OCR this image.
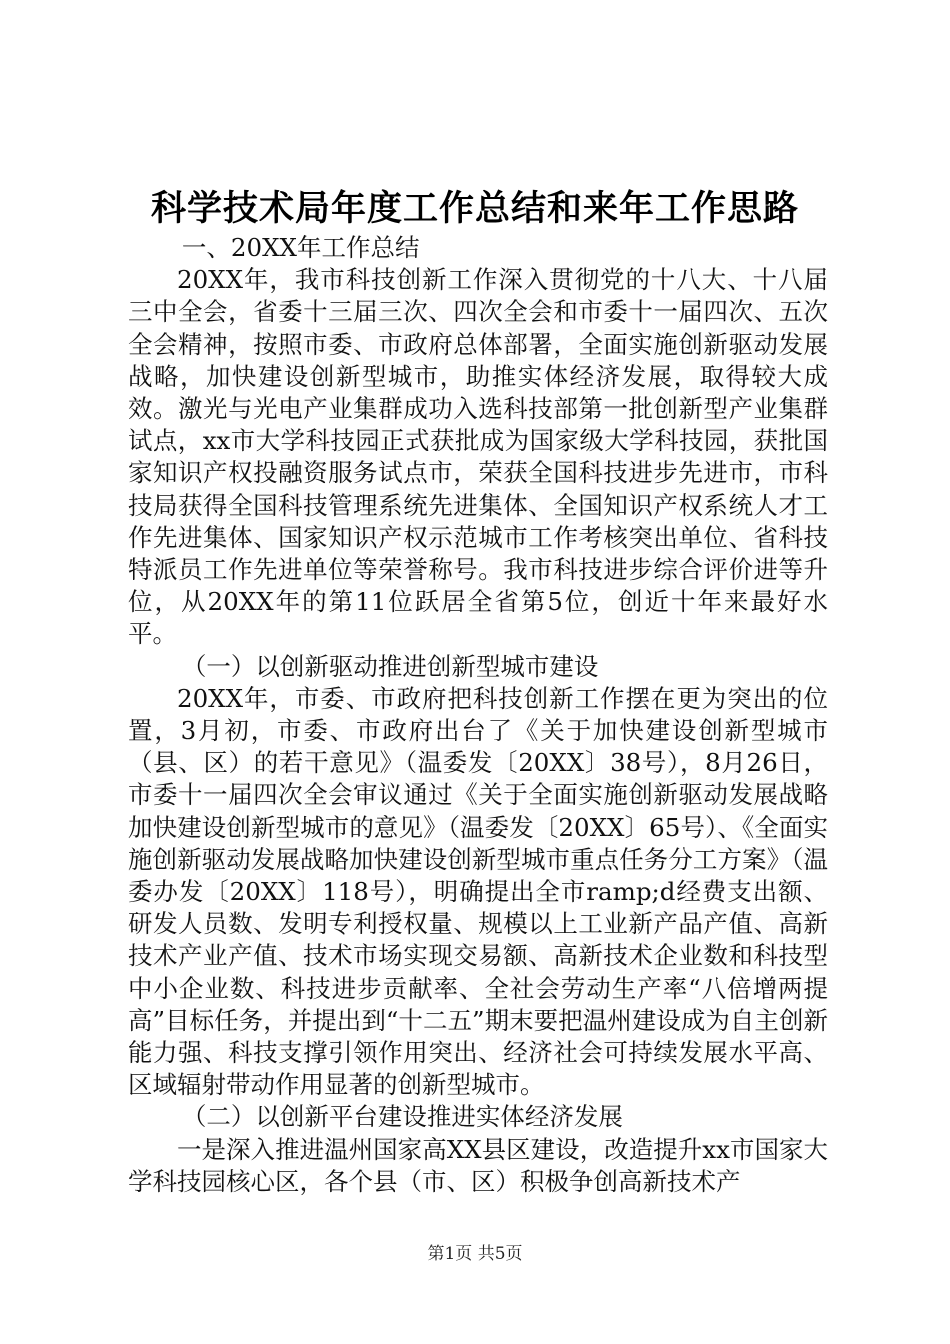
科学技术局年度工作总结和来年工作思路

一、20XX年工作总结

20XX年，我市科技创新工作深入贯彻党的十八大、十八届三中全会，省委十三届三次、四次全会和市委十一届四次、五次全会精神，按照市委、市政府总体部署，全面实施创新驱动发展战略，加快建设创新型城市，助推实体经济发展，取得较大成效。激光与光电产业集群成功入选科技部第一批创新型产业集群试点，xx市大学科技园正式获批成为国家级大学科技园，获批国家知识产权投融资服务试点市，荣获全国科技进步先进市，市科技局获得全国科技管理系统先进集体、全国知识产权系统人才工作先进集体、国家知识产权示范城市工作考核突出单位、省科技特派员工作先进单位等荣誉称号。我市科技进步综合评价进等升位，从20XX年的第11位跃居全省第5位，创近十年来最好水平。

（一）以创新驱动推进创新型城市建设

20XX年，市委、市政府把科技创新工作摆在更为突出的位置，3月初，市委、市政府出台了《关于加快建设创新型城市（县、区）的若干意见》（温委发〔20XX〕38号），8月26日，市委十一届四次全会审议通过《关于全面实施创新驱动发展战略加快建设创新型城市的意见》（温委发〔20XX〕65号）、《全面实施创新驱动发展战略加快建设创新型城市重点任务分工方案》（温委办发〔20XX〕118号），明确提出全市ramp;d经费支出额、研发人员数、发明专利授权量、规模以上工业新产品产值、高新技术产业产值、技术市场实现交易额、高新技术企业数和科技型中小企业数、科技进步贡献率、全社会劳动生产率“八倍增两提高”目标任务，并提出到“十二五”期末要把温州建设成为自主创新能力强、科技支撑引领作用突出、经济社会可持续发展水平高、区域辐射带动作用显著的创新型城市。

（二）以创新平台建设推进实体经济发展

一是深入推进温州国家高XX县区建设，改造提升xx市国家大学科技园核心区，各个县（市、区）积极争创高新技术产

第1页 共5页
